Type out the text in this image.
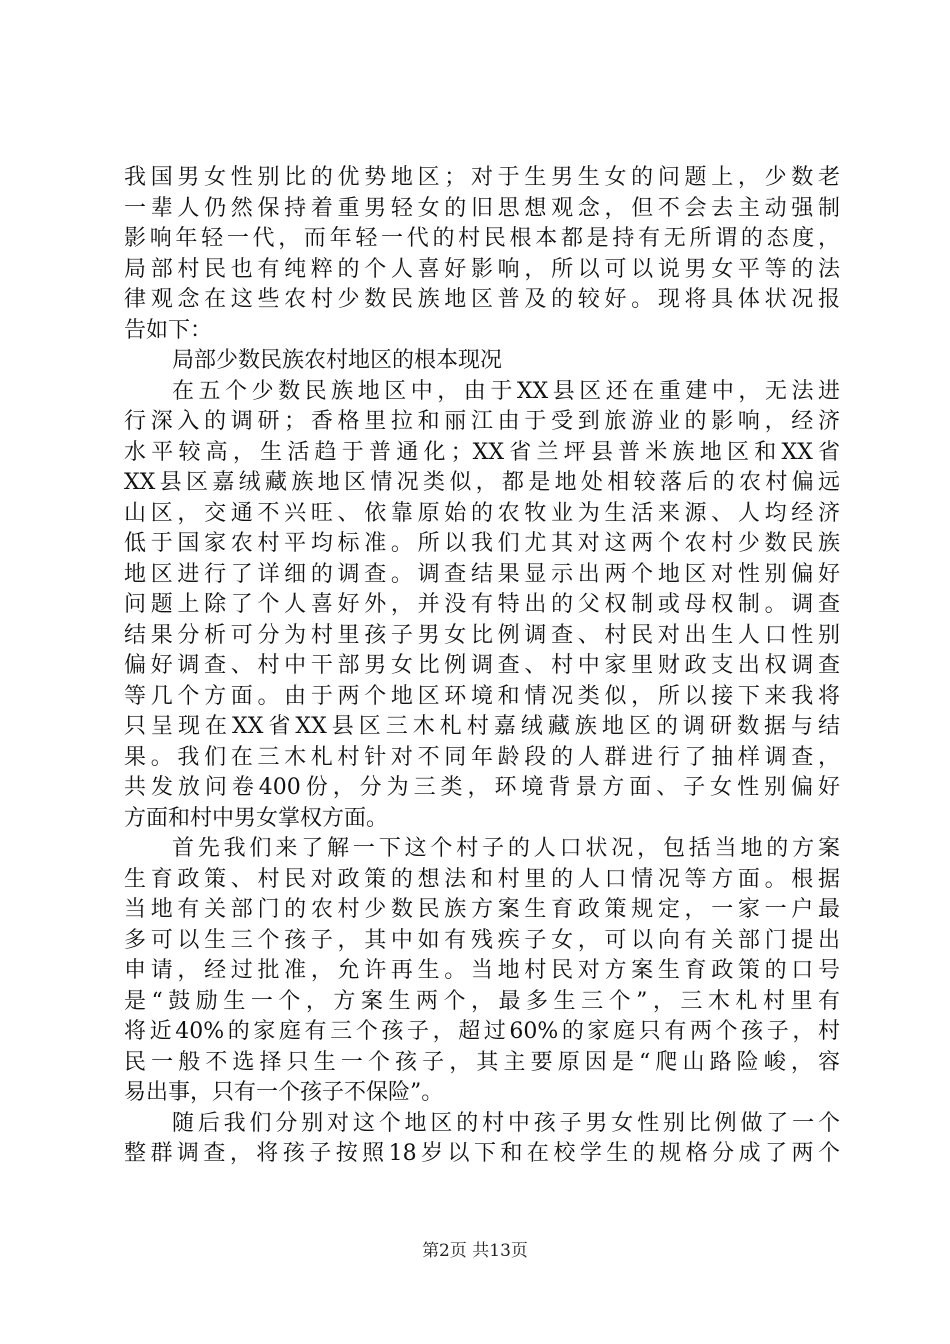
我国男女性别比的优势地区；对于生男生女的问题上，少数老
一辈人仍然保持着重男轻女的旧思想观念，但不会去主动强制
影响年轻一代，而年轻一代的村民根本都是持有无所谓的态度，
局部村民也有纯粹的个人喜好影响，所以可以说男女平等的法
律观念在这些农村少数民族地区普及的较好。现将具体状况报
告如下：
局部少数民族农村地区的根本现况
在五个少数民族地区中，由于XX县区还在重建中，无法进
行深入的调研；香格里拉和丽江由于受到旅游业的影响，经济
水平较高，生活趋于普通化；XX省兰坪县普米族地区和XX省
XX县区嘉绒藏族地区情况类似，都是地处相较落后的农村偏远
山区，交通不兴旺、依靠原始的农牧业为生活来源、人均经济
低于国家农村平均标准。所以我们尤其对这两个农村少数民族
地区进行了详细的调查。调查结果显示出两个地区对性别偏好
问题上除了个人喜好外，并没有特出的父权制或母权制。调查
结果分析可分为村里孩子男女比例调查、村民对出生人口性别
偏好调查、村中干部男女比例调查、村中家里财政支出权调查
等几个方面。由于两个地区环境和情况类似，所以接下来我将
只呈现在XX省XX县区三木札村嘉绒藏族地区的调研数据与结
果。我们在三木札村针对不同年龄段的人群进行了抽样调查，
共发放问卷400份，分为三类，环境背景方面、子女性别偏好
方面和村中男女掌权方面。
首先我们来了解一下这个村子的人口状况，包括当地的方案
生育政策、村民对政策的想法和村里的人口情况等方面。根据
当地有关部门的农村少数民族方案生育政策规定，一家一户最
多可以生三个孩子，其中如有残疾子女，可以向有关部门提出
申请，经过批准，允许再生。当地村民对方案生育政策的口号
是“鼓励生一个，方案生两个，最多生三个”，三木札村里有
将近40%的家庭有三个孩子，超过60%的家庭只有两个孩子，村
民一般不选择只生一个孩子，其主要原因是“爬山路险峻，容
易出事，只有一个孩子不保险”。
随后我们分别对这个地区的村中孩子男女性别比例做了一个
整群调查，将孩子按照18岁以下和在校学生的规格分成了两个
第2页 共13页
